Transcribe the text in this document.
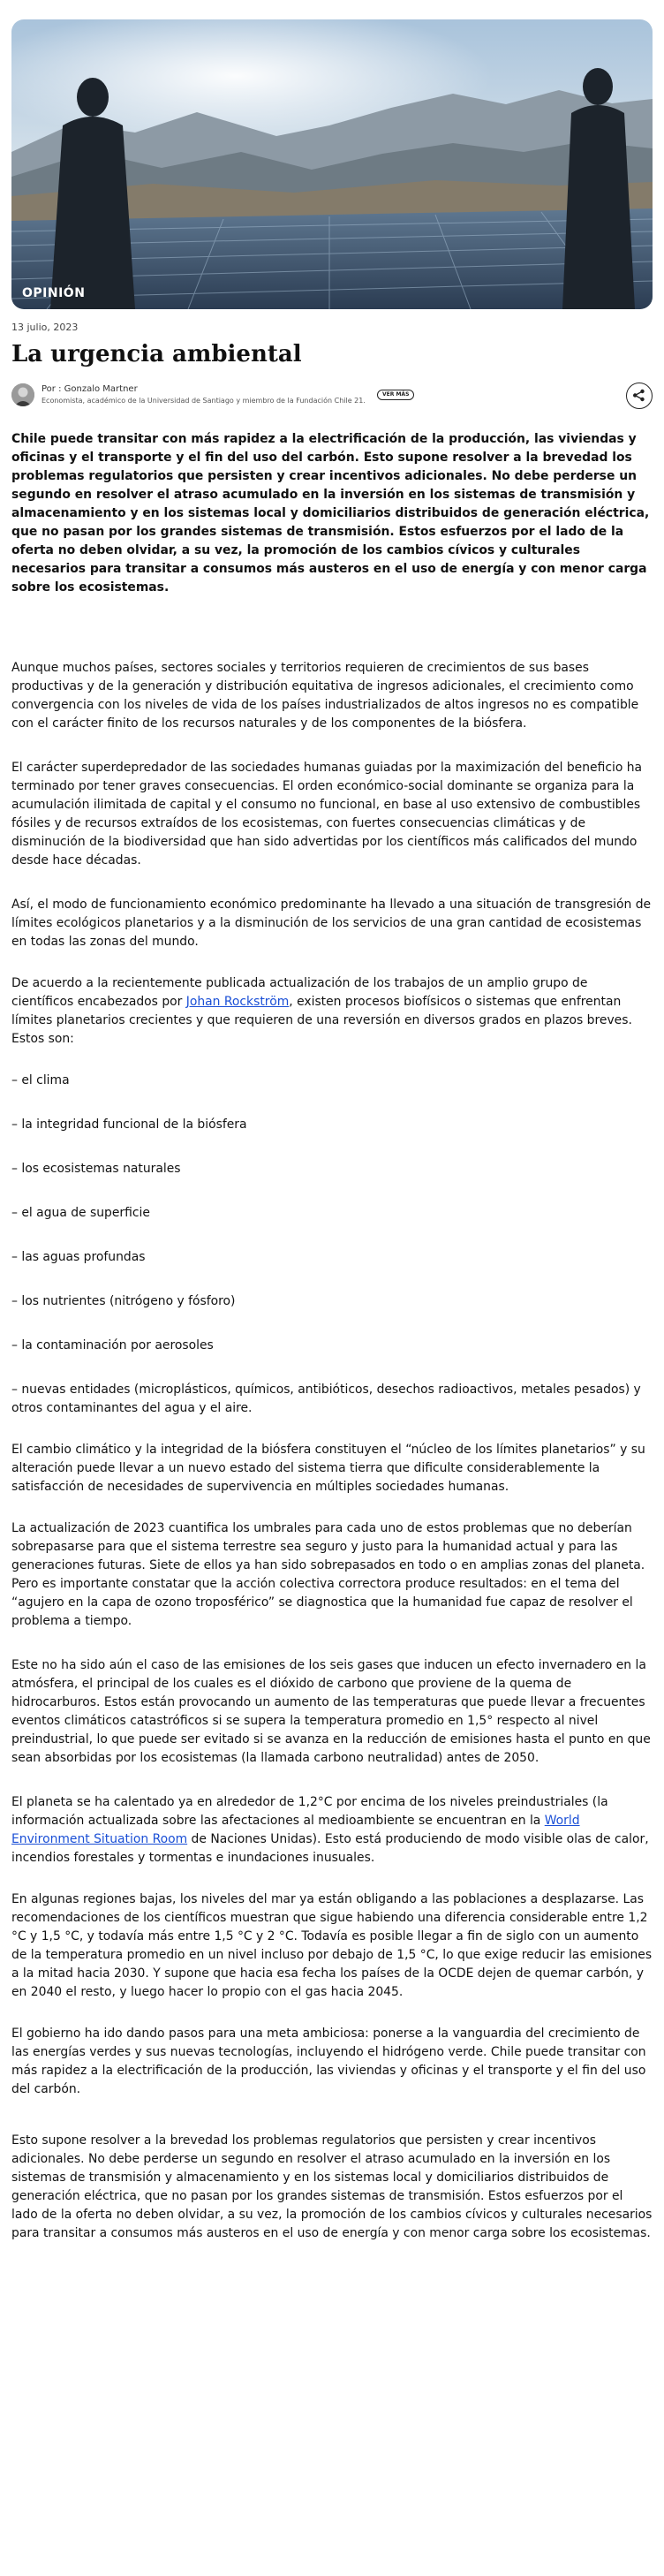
OPINIÓN
13 julio, 2023
La urgencia ambiental
Por : Gonzalo Martner
Economista, académico de la Universidad de Santiago y miembro de la Fundación Chile 21.
VER MÁS

Chile puede transitar con más rapidez a la electrificación de la producción, las viviendas y oficinas y el transporte y el fin del uso del carbón. Esto supone resolver a la brevedad los problemas regulatorios que persisten y crear incentivos adicionales. No debe perderse un segundo en resolver el atraso acumulado en la inversión en los sistemas de transmisión y almacenamiento y en los sistemas local y domiciliarios distribuidos de generación eléctrica, que no pasan por los grandes sistemas de transmisión. Estos esfuerzos por el lado de la oferta no deben olvidar, a su vez, la promoción de los cambios cívicos y culturales necesarios para transitar a consumos más austeros en el uso de energía y con menor carga sobre los ecosistemas.

Aunque muchos países, sectores sociales y territorios requieren de crecimientos de sus bases productivas y de la generación y distribución equitativa de ingresos adicionales, el crecimiento como convergencia con los niveles de vida de los países industrializados de altos ingresos no es compatible con el carácter finito de los recursos naturales y de los componentes de la biósfera.

El carácter superdepredador de las sociedades humanas guiadas por la maximización del beneficio ha terminado por tener graves consecuencias. El orden económico-social dominante se organiza para la acumulación ilimitada de capital y el consumo no funcional, en base al uso extensivo de combustibles fósiles y de recursos extraídos de los ecosistemas, con fuertes consecuencias climáticas y de disminución de la biodiversidad que han sido advertidas por los científicos más calificados del mundo desde hace décadas.

Así, el modo de funcionamiento económico predominante ha llevado a una situación de transgresión de límites ecológicos planetarios y a la disminución de los servicios de una gran cantidad de ecosistemas en todas las zonas del mundo.

De acuerdo a la recientemente publicada actualización de los trabajos de un amplio grupo de científicos encabezados por Johan Rockström, existen procesos biofísicos o sistemas que enfrentan límites planetarios crecientes y que requieren de una reversión en diversos grados en plazos breves. Estos son:

– el clima

– la integridad funcional de la biósfera

– los ecosistemas naturales

– el agua de superficie

– las aguas profundas

– los nutrientes (nitrógeno y fósforo)

– la contaminación por aerosoles

– nuevas entidades (microplásticos, químicos, antibióticos, desechos radioactivos, metales pesados) y otros contaminantes del agua y el aire.

El cambio climático y la integridad de la biósfera constituyen el “núcleo de los límites planetarios” y su alteración puede llevar a un nuevo estado del sistema tierra que dificulte considerablemente la satisfacción de necesidades de supervivencia en múltiples sociedades humanas.

La actualización de 2023 cuantifica los umbrales para cada uno de estos problemas que no deberían sobrepasarse para que el sistema terrestre sea seguro y justo para la humanidad actual y para las generaciones futuras. Siete de ellos ya han sido sobrepasados en todo o en amplias zonas del planeta. Pero es importante constatar que la acción colectiva correctora produce resultados: en el tema del “agujero en la capa de ozono troposférico” se diagnostica que la humanidad fue capaz de resolver el problema a tiempo.

Este no ha sido aún el caso de las emisiones de los seis gases que inducen un efecto invernadero en la atmósfera, el principal de los cuales es el dióxido de carbono que proviene de la quema de hidrocarburos. Estos están provocando un aumento de las temperaturas que puede llevar a frecuentes eventos climáticos catastróficos si se supera la temperatura promedio en 1,5° respecto al nivel preindustrial, lo que puede ser evitado si se avanza en la reducción de emisiones hasta el punto en que sean absorbidas por los ecosistemas (la llamada carbono neutralidad) antes de 2050.

El planeta se ha calentado ya en alrededor de 1,2°C por encima de los niveles preindustriales (la información actualizada sobre las afectaciones al medioambiente se encuentran en la World Environment Situation Room de Naciones Unidas). Esto está produciendo de modo visible olas de calor, incendios forestales y tormentas e inundaciones inusuales.

En algunas regiones bajas, los niveles del mar ya están obligando a las poblaciones a desplazarse. Las recomendaciones de los científicos muestran que sigue habiendo una diferencia considerable entre 1,2 °C y 1,5 °C, y todavía más entre 1,5 °C y 2 °C. Todavía es posible llegar a fin de siglo con un aumento de la temperatura promedio en un nivel incluso por debajo de 1,5 °C, lo que exige reducir las emisiones a la mitad hacia 2030. Y supone que hacia esa fecha los países de la OCDE dejen de quemar carbón, y en 2040 el resto, y luego hacer lo propio con el gas hacia 2045.

El gobierno ha ido dando pasos para una meta ambiciosa: ponerse a la vanguardia del crecimiento de las energías verdes y sus nuevas tecnologías, incluyendo el hidrógeno verde. Chile puede transitar con más rapidez a la electrificación de la producción, las viviendas y oficinas y el transporte y el fin del uso del carbón.

Esto supone resolver a la brevedad los problemas regulatorios que persisten y crear incentivos adicionales. No debe perderse un segundo en resolver el atraso acumulado en la inversión en los sistemas de transmisión y almacenamiento y en los sistemas local y domiciliarios distribuidos de generación eléctrica, que no pasan por los grandes sistemas de transmisión. Estos esfuerzos por el lado de la oferta no deben olvidar, a su vez, la promoción de los cambios cívicos y culturales necesarios para transitar a consumos más austeros en el uso de energía y con menor carga sobre los ecosistemas.
